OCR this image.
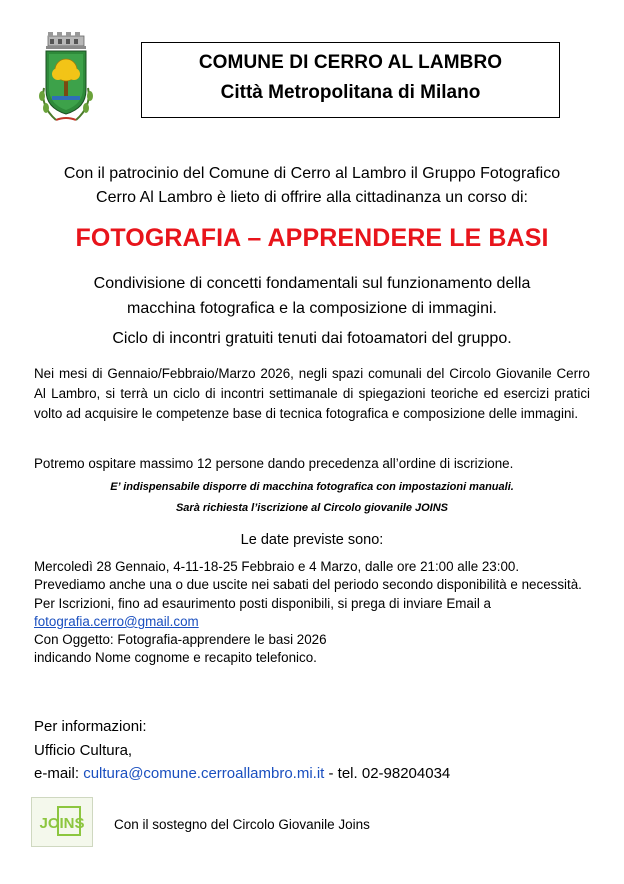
COMUNE DI CERRO AL LAMBRO
Città Metropolitana di Milano
Con il patrocinio del Comune di Cerro al Lambro il Gruppo Fotografico
Cerro Al Lambro è lieto di offrire alla cittadinanza un corso di:
FOTOGRAFIA – APPRENDERE LE BASI
Condivisione di concetti fondamentali sul funzionamento della
macchina fotografica e la composizione di immagini.
Ciclo di incontri gratuiti tenuti dai fotoamatori del gruppo.
Nei mesi di Gennaio/Febbraio/Marzo 2026, negli spazi comunali del Circolo Giovanile Cerro Al Lambro, si terrà un ciclo di incontri settimanale di spiegazioni teoriche ed esercizi pratici volto ad acquisire le competenze base di tecnica fotografica e composizione delle immagini.
Potremo ospitare massimo 12 persone dando precedenza all’ordine di iscrizione.
E’ indispensabile disporre di macchina fotografica con impostazioni manuali.
Sarà richiesta l’iscrizione al Circolo giovanile JOINS
Le date previste sono:
Mercoledì 28 Gennaio, 4-11-18-25 Febbraio e 4 Marzo, dalle ore 21:00 alle 23:00.
Prevediamo anche una o due uscite nei sabati del periodo secondo disponibilità e necessità.
Per Iscrizioni, fino ad esaurimento posti disponibili, si prega di inviare Email a
fotografia.cerro@gmail.com
Con Oggetto: Fotografia-apprendere le basi 2026
indicando Nome cognome e recapito telefonico.
Per informazioni:
Ufficio Cultura,
e-mail: cultura@comune.cerroallambro.mi.it - tel. 02-98204034
JOINS Con il sostegno del Circolo Giovanile Joins
